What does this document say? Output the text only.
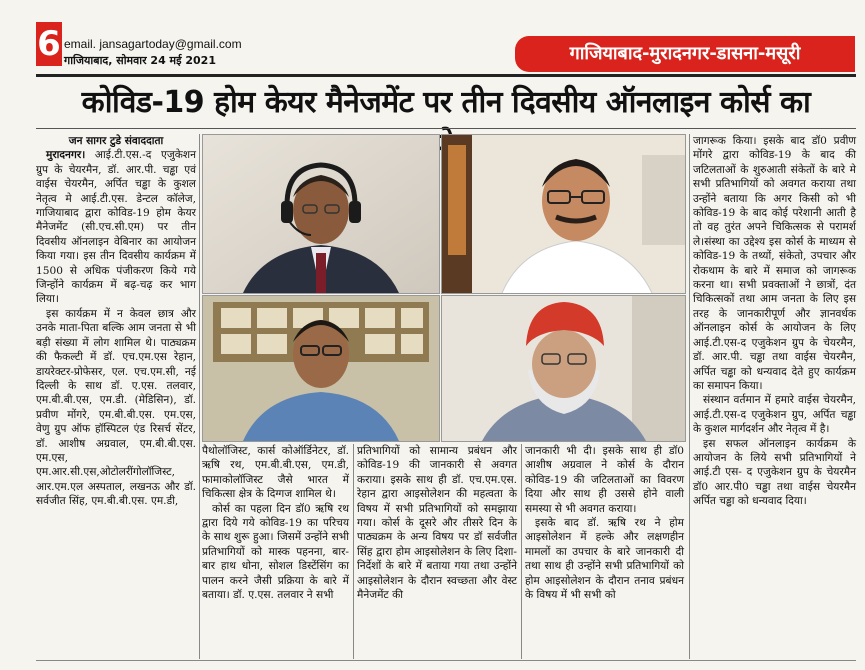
6 email. jansagartoday@gmail.com
गाजियाबाद, सोमवार 24 मई 2021	गाजियाबाद-मुरादनगर-डासना-मसूरी
कोविड-19 होम केयर मैनेजमेंट पर तीन दिवसीय ऑनलाइन कोर्स का

जन सागर टुडे संवाददाता

मुरादनगर। आई.टी.एस.-द एजुकेशन ग्रुप के चेयरमैन, डॉ. आर.पी. चड्ढा एवं वाईस चेयरमैन, अर्पित चड्ढा के कुशल नेतृत्व मे आई.टी.एस. डेन्टल कॉलेज, गाजियाबाद द्वारा कोविड-19 होम केयर मैनेजमेंट (सी.एच.सी.एम) पर तीन दिवसीय ऑनलाइन वेबिनार का आयोजन किया गया। इस तीन दिवसीय कार्यक्रम में 1500 से अधिक पंजीकरण किये गये जिन्होंने कार्यक्रम में बढ़-चढ़ कर भाग लिया।

इस कार्यक्रम में न केवल छात्र और उनके माता-पिता बल्कि आम जनता से भी बड़ी संख्या में लोग शामिल थे। पाठ्यक्रम की फैकल्टी में डॉ. एच.एम.एस रेहान, डायरेक्टर-प्रोफेसर, एल. एच.एम.सी, नई दिल्ली के साथ डॉ. ए.एस. तलवार, एम.बी.बी.एस, एम.डी. (मेडिसिन), डॉ. प्रवीण मोंगरे, एम.बी.बी.एस. एम.एस, वेणु ग्रुप ऑफ हॉस्पिटल एंड रिसर्च सेंटर, डॉ. आशीष अग्रवाल, एम.बी.बी.एस. एम.एस, एम.आर.सी.एस,ओटोलरींगोलॉजिस्ट, आर.एम.एल अस्पताल, लखनऊ और डॉ. सर्वजीत सिंह, एम.बी.बी.एस. एम.डी,

पैथोलॉजिस्ट, कार्स कोऑर्डिनेटर, डॉ. ऋषि रथ, एम.बी.बी.एस, एम.डी, फामाकोलॉजिस्ट जैसे भारत में चिकित्सा क्षेत्र के दिग्गज शामिल थे।

कोर्स का पहला दिन डॉ0 ऋषि रथ द्वारा दिये गये कोविड-19 का परिचय के साथ शुरू हुआ। जिसमें उन्होंने सभी प्रतिभागियों को मास्क पहनना, बार-बार हाथ धोना, सोशल डिस्टेंसिंग का पालन करने जैसी प्रक्रिया के बारे में बताया। डॉ. ए.एस. तलवार ने सभी

प्रतिभागियों को सामान्य प्रबंधन और कोविड-19 की जानकारी से अवगत कराया। इसके साथ ही डॉ. एच.एम.एस. रेहान द्वारा आइसोलेशन की महत्वता के विषय में सभी प्रतिभागियों को समझाया गया। कोर्स के दूसरे और तीसरे दिन के पाठ्यक्रम के अन्य विषय पर डॉ सर्वजीत सिंह द्वारा होम आइसोलेशन के लिए दिशा-निर्देशों के बारे में बताया गया तथा उन्होंने आइसोलेशन के दौरान स्वच्छता और वेस्ट मैनेजमेंट की

जानकारी भी दी। इसके साथ ही डॉ0 आशीष अग्रवाल ने कोर्स के दौरान कोविड-19 की जटिलताओं का विवरण दिया और साथ ही उससे होने वाली समस्या से भी अवगत कराया।

इसके बाद डॉ. ऋषि रथ ने होम आइसोलेशन में हल्के और लक्षणहीन मामलों का उपचार के बारे जानकारी दी तथा साथ ही उन्होंने सभी प्रतिभागियों को होम आइसोलेशन के दौरान तनाव प्रबंधन के विषय में भी सभी को

जागरूक किया। इसके बाद डॉ0 प्रवीण मोंगरे द्वारा कोविड-19 के बाद की जटिलताओं के शुरुआती संकेतों के बारे मे सभी प्रतिभागियों को अवगत कराया तथा उन्होंने बताया कि अगर किसी को भी कोविड-19 के बाद कोई परेशानी आती है तो वह तुरंत अपने चिकित्सक से परामर्श ले।संस्था का उद्देश्य इस कोर्स के माध्यम से कोविड-19 के तथ्यों, संकेतो, उपचार और रोकथाम के बारे में समाज को जागरूक करना था। सभी प्रवक्ताओं ने छात्रों, दंत चिकित्सकों तथा आम जनता के लिए इस तरह के जानकारीपूर्ण और ज्ञानवर्धक ऑनलाइन कोर्स के आयोजन के लिए आई.टी.एस-द एजुकेशन ग्रुप के चेयरमैन, डॉ. आर.पी. चड्ढा तथा वाईस चेयरमैन, अर्पित चड्ढा को धन्यवाद देते हुए कार्यक्रम का समापन किया।

संस्थान वर्तमान में हमारे वाईस चेयरमैन, आई.टी.एस-द एजुकेशन ग्रुप, अर्पित चड्ढा के कुशल मार्गदर्शन और नेतृत्व में है।

इस सफल ऑनलाइन कार्यक्रम के आयोजन के लिये सभी प्रतिभागियों ने आई.टी एस- द एजुकेशन ग्रुप के चेयरमैन डॉ0 आर.पी0 चड्ढा तथा वाईस चेयरमैन अर्पित चड्ढा को धन्यवाद दिया।
